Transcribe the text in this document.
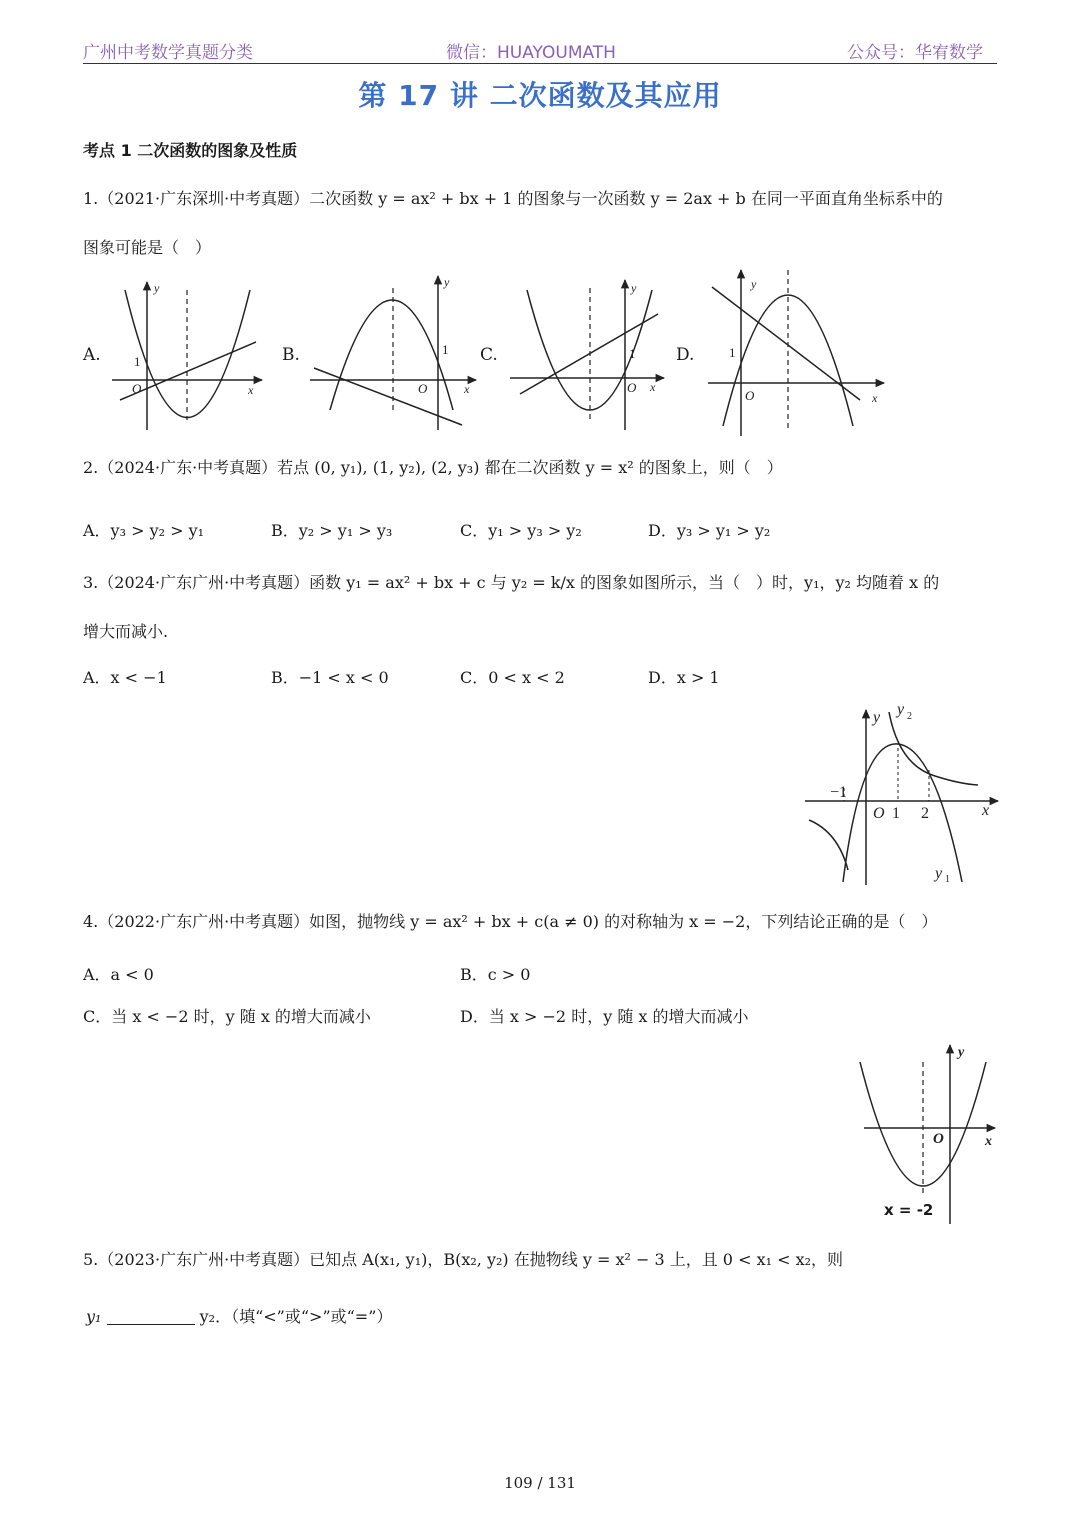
广州中考数学真题分类	微信：HUAYOUMATH	公众号：华宥数学
第 17 讲 二次函数及其应用
考点 1 二次函数的图象及性质
1.（2021·广东深圳·中考真题）二次函数 y = ax² + bx + 1 的图象与一次函数 y = 2ax + b 在同一平面直角坐标系中的
图象可能是（　）
A.	B.	C.	D.
y
x
O
1
y
x
O
1
y
x
O
1
y
x
O
1
y y 2
x
O 1 2
−1
y 1
y
x
O
2.（2024·广东·中考真题）若点 (0, y₁), (1, y₂), (2, y₃) 都在二次函数 y = x² 的图象上，则（　）
A．y₃ > y₂ > y₁	B．y₂ > y₁ > y₃	C．y₁ > y₃ > y₂	D．y₃ > y₁ > y₂
3.（2024·广东广州·中考真题）函数 y₁ = ax² + bx + c 与 y₂ = k/x 的图象如图所示，当（　）时，y₁，y₂ 均随着 x 的
增大而减小.
A．x < −1	B．−1 < x < 0	C．0 < x < 2	D．x > 1
4.（2022·广东广州·中考真题）如图，抛物线 y = ax² + bx + c(a ≠ 0) 的对称轴为 x = −2，下列结论正确的是（　）
A．a < 0	B．c > 0
C．当 x < −2 时，y 随 x 的增大而减小	D．当 x > −2 时，y 随 x 的增大而减小
x = -2
5.（2023·广东广州·中考真题）已知点 A(x₁, y₁)，B(x₂, y₂) 在抛物线 y = x² − 3 上，且 0 < x₁ < x₂，则
y₁	y₂．（填“<”或“>”或“=”）
109 / 131
